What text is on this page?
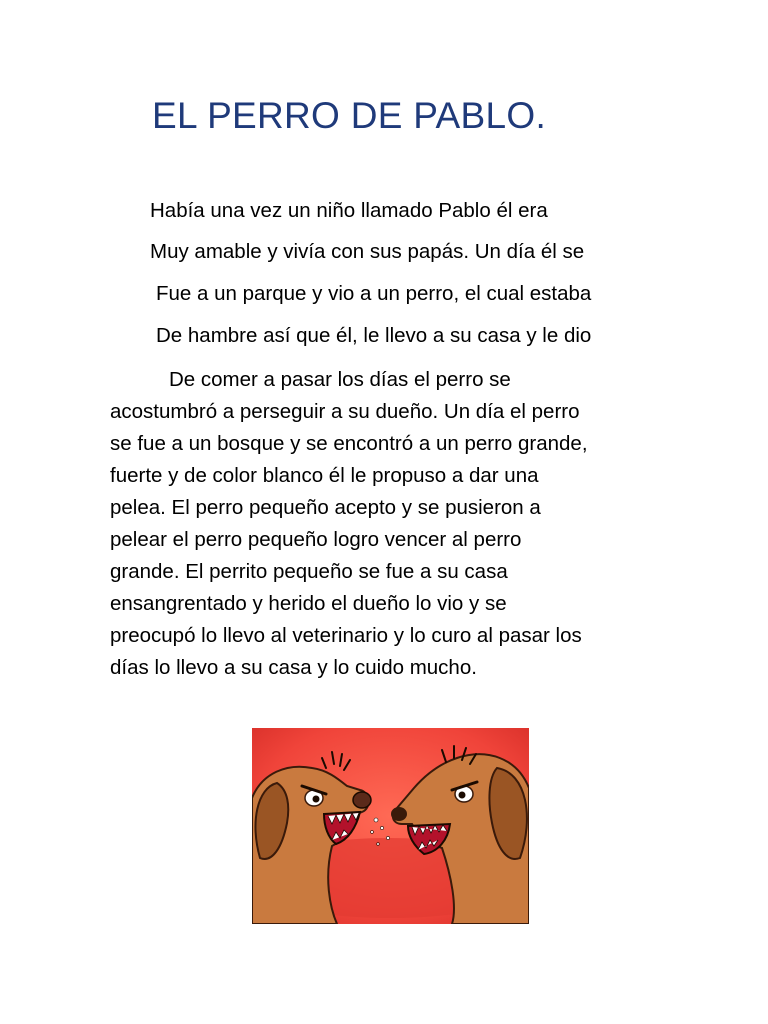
EL PERRO DE PABLO.

Había una vez un niño llamado Pablo él era

Muy amable y vivía con sus papás. Un día él se

Fue a un parque y vio a un perro, el cual estaba

De hambre así que él, le llevo a su casa y le dio

De comer a pasar los días el perro se
acostumbró a perseguir a su dueño. Un día el perro
se fue a un bosque y se encontró a un perro grande,
fuerte y de color blanco él le propuso a dar una
pelea. El perro pequeño acepto y se pusieron a
pelear el perro pequeño logro vencer al perro
grande. El perrito pequeño se fue a su casa
ensangrentado y herido el dueño lo vio y se
preocupó lo llevo al veterinario y lo curo al pasar los
días lo llevo a su casa y lo cuido mucho.
